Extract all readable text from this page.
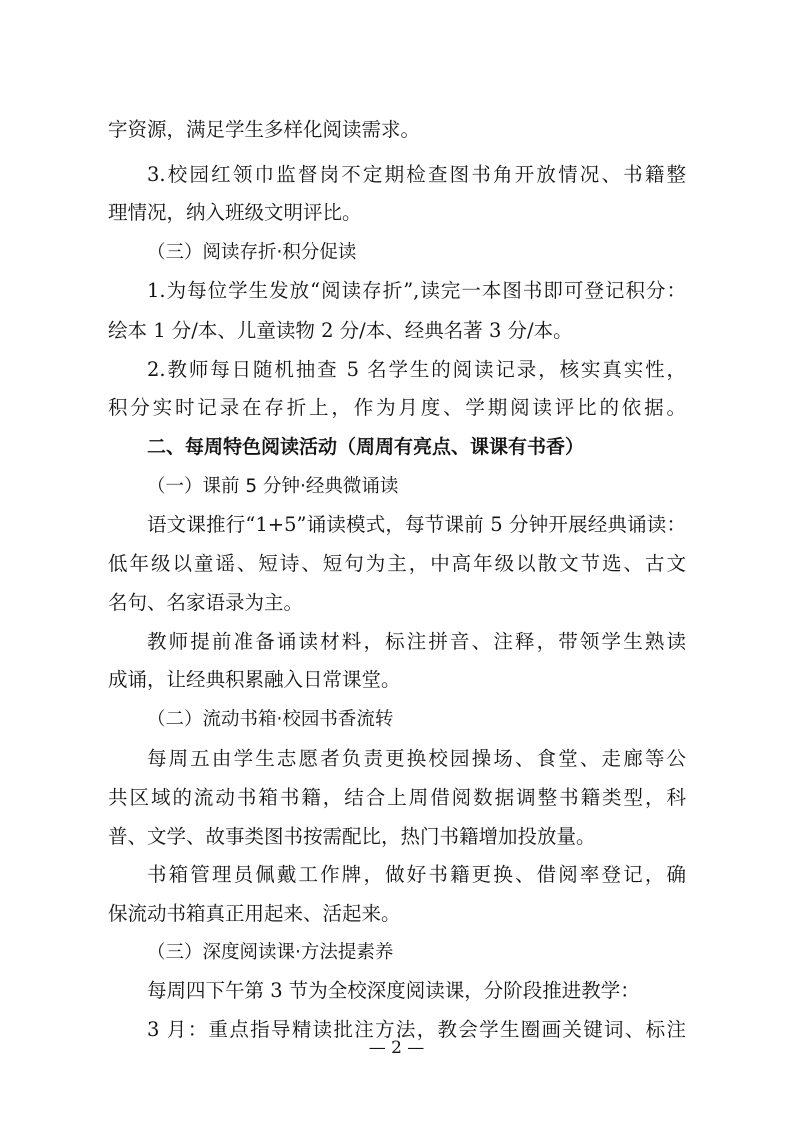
字资源，满足学生多样化阅读需求。
3.校园红领巾监督岗不定期检查图书角开放情况、书籍整
理情况，纳入班级文明评比。
（三）阅读存折·积分促读
1.为每位学生发放“阅读存折”,读完一本图书即可登记积分：
绘本 1 分/本、儿童读物 2 分/本、经典名著 3 分/本。
2.教师每日随机抽查 5 名学生的阅读记录，核实真实性，
积分实时记录在存折上，作为月度、学期阅读评比的依据。
二、每周特色阅读活动（周周有亮点、课课有书香）
（一）课前 5 分钟·经典微诵读
语文课推行“1+5”诵读模式，每节课前 5 分钟开展经典诵读：
低年级以童谣、短诗、短句为主，中高年级以散文节选、古文
名句、名家语录为主。
教师提前准备诵读材料，标注拼音、注释，带领学生熟读
成诵，让经典积累融入日常课堂。
（二）流动书箱·校园书香流转
每周五由学生志愿者负责更换校园操场、食堂、走廊等公
共区域的流动书箱书籍，结合上周借阅数据调整书籍类型，科
普、文学、故事类图书按需配比，热门书籍增加投放量。
书箱管理员佩戴工作牌，做好书籍更换、借阅率登记，确
保流动书箱真正用起来、活起来。
（三）深度阅读课·方法提素养
每周四下午第 3 节为全校深度阅读课，分阶段推进教学：
3 月：重点指导精读批注方法，教会学生圈画关键词、标注
— 2 —
